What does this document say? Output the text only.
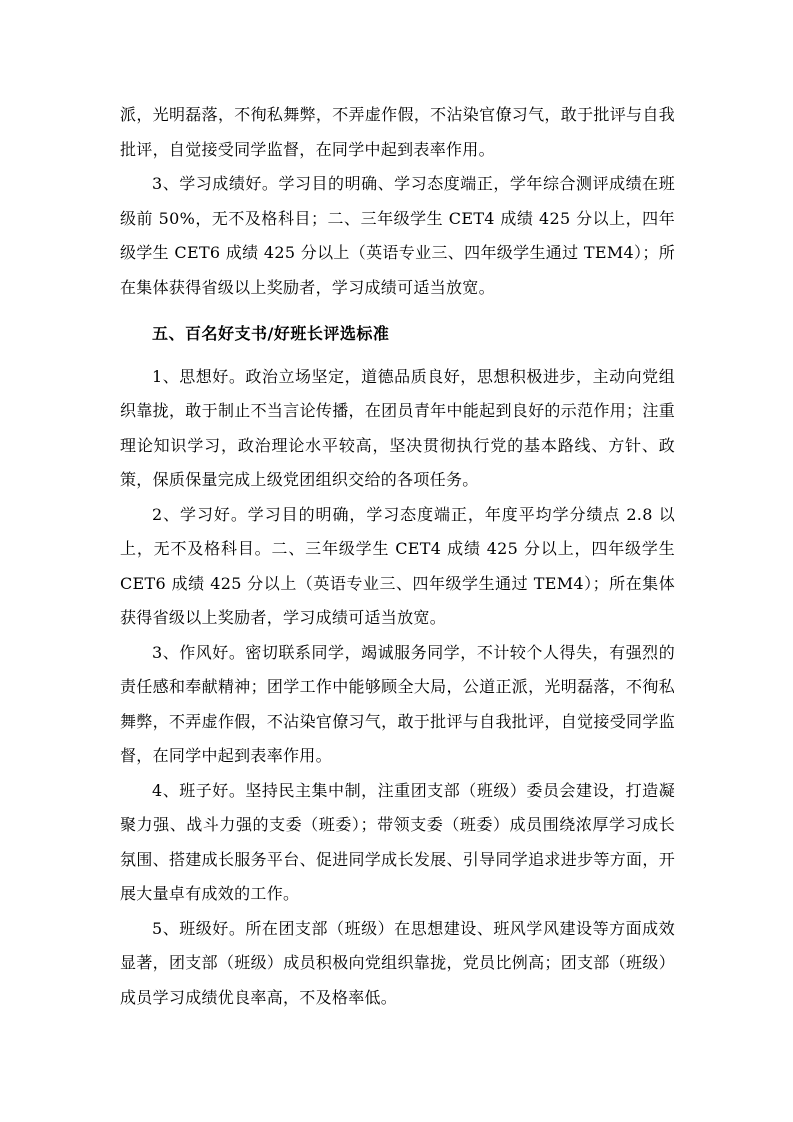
派，光明磊落，不徇私舞弊，不弄虚作假，不沾染官僚习气，敢于批评与自我批评，自觉接受同学监督，在同学中起到表率作用。

3、学习成绩好。学习目的明确、学习态度端正，学年综合测评成绩在班级前 50%，无不及格科目；二、三年级学生 CET4 成绩 425 分以上，四年级学生 CET6 成绩 425 分以上（英语专业三、四年级学生通过 TEM4）；所在集体获得省级以上奖励者，学习成绩可适当放宽。

五、百名好支书/好班长评选标准

1、思想好。政治立场坚定，道德品质良好，思想积极进步，主动向党组织靠拢，敢于制止不当言论传播，在团员青年中能起到良好的示范作用；注重理论知识学习，政治理论水平较高，坚决贯彻执行党的基本路线、方针、政策，保质保量完成上级党团组织交给的各项任务。

2、学习好。学习目的明确，学习态度端正，年度平均学分绩点 2.8 以上，无不及格科目。二、三年级学生 CET4 成绩 425 分以上，四年级学生 CET6 成绩 425 分以上（英语专业三、四年级学生通过 TEM4）；所在集体获得省级以上奖励者，学习成绩可适当放宽。

3、作风好。密切联系同学，竭诚服务同学，不计较个人得失，有强烈的责任感和奉献精神；团学工作中能够顾全大局，公道正派，光明磊落，不徇私舞弊，不弄虚作假，不沾染官僚习气，敢于批评与自我批评，自觉接受同学监督，在同学中起到表率作用。

4、班子好。坚持民主集中制，注重团支部（班级）委员会建设，打造凝聚力强、战斗力强的支委（班委）；带领支委（班委）成员围绕浓厚学习成长氛围、搭建成长服务平台、促进同学成长发展、引导同学追求进步等方面，开展大量卓有成效的工作。

5、班级好。所在团支部（班级）在思想建设、班风学风建设等方面成效显著，团支部（班级）成员积极向党组织靠拢，党员比例高；团支部（班级）成员学习成绩优良率高，不及格率低。
